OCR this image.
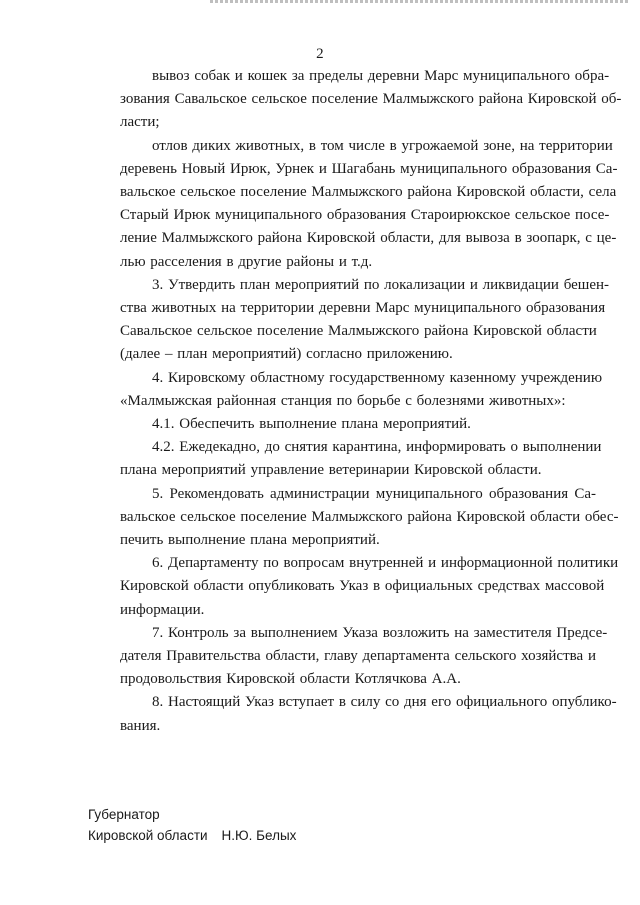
2

вывоз собак и кошек за пределы деревни Марс муниципального обра-
зования Савальское сельское поселение Малмыжского района Кировской об-
ласти;

отлов диких животных, в том числе в угрожаемой зоне, на территории
деревень Новый Ирюк, Урнек и Шагабань муниципального образования Са-
вальское сельское поселение Малмыжского района Кировской области, села
Старый Ирюк муниципального образования Староирюкское сельское посе-
ление Малмыжского района Кировской области, для вывоза в зоопарк, с це-
лью расселения в другие районы и т.д.

3. Утвердить план мероприятий по локализации и ликвидации бешен-
ства животных на территории деревни Марс муниципального образования
Савальское сельское поселение Малмыжского района Кировской области
(далее – план мероприятий) согласно приложению.

4. Кировскому областному государственному казенному учреждению
«Малмыжская районная станция по борьбе с болезнями животных»:

4.1. Обеспечить выполнение плана мероприятий.

4.2. Ежедекадно, до снятия карантина, информировать о выполнении
плана мероприятий управление ветеринарии Кировской области.

5. Рекомендовать администрации муниципального образования Са-
вальское сельское поселение Малмыжского района Кировской области обес-
печить выполнение плана мероприятий.

6. Департаменту по вопросам внутренней и информационной политики
Кировской области опубликовать Указ в официальных средствах массовой
информации.

7. Контроль за выполнением Указа возложить на заместителя Предсе-
дателя Правительства области, главу департамента сельского хозяйства и
продовольствия Кировской области Котлячкова А.А.

8. Настоящий Указ вступает в силу со дня его официального опублико-
вания.

Губернатор
Кировской области Н.Ю. Белых
